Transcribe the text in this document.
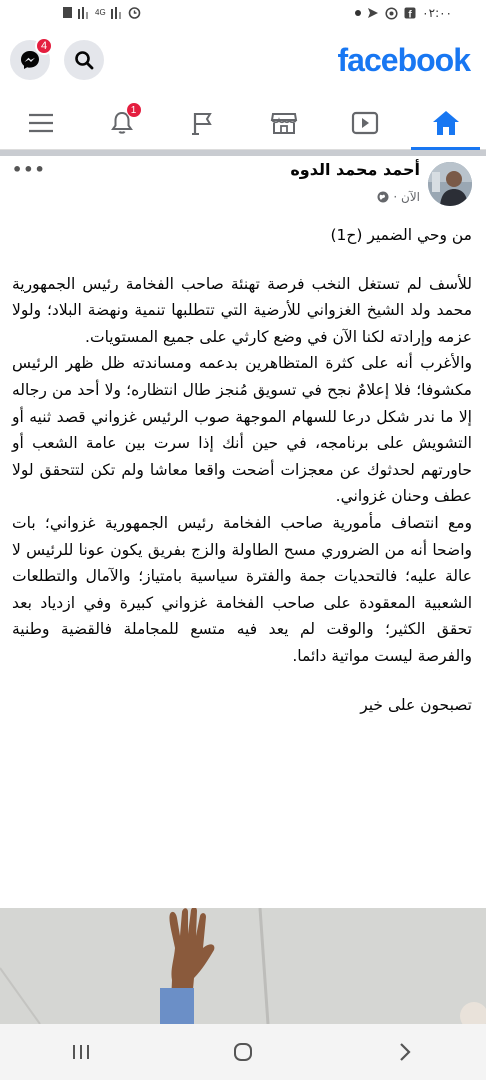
4G	f ٠٢:٠٠
4	facebook
1
أحمد محمد الدوه
الآن ·
•••

من وحي الضمير (ح1)

للأسف لم تستغل النخب فرصة تهنئة صاحب الفخامة رئيس الجمهورية محمد ولد الشيخ الغزواني للأرضية التي تتطلبها تنمية ونهضة البلاد؛ ولولا عزمه وإرادته لكنا الآن في وضع كارثي على جميع المستويات.

والأغرب أنه على كثرة المتظاهرين بدعمه ومساندته ظل ظهر الرئيس مكشوفا؛ فلا إعلامٌ نجح في تسويق مُنجز طال انتظاره؛ ولا أحد من رجاله إلا ما ندر شكل درعا للسهام الموجهة صوب الرئيس غزواني قصد ثنيه أو التشويش على برنامجه، في حين أنك إذا سرت بين عامة الشعب أو حاورتهم لحدثوك عن معجزات أضحت واقعا معاشا ولم تكن لتتحقق لولا عطف وحنان غزواني.

ومع انتصاف مأمورية صاحب الفخامة رئيس الجمهورية غزواني؛ بات واضحا أنه من الضروري مسح الطاولة والزج بفريق يكون عونا للرئيس لا عالة عليه؛ فالتحديات جمة والفترة سياسية بامتياز؛ والآمال والتطلعات الشعبية المعقودة على صاحب الفخامة غزواني كبيرة وفي ازدياد بعد تحقق الكثير؛ والوقت لم يعد فيه متسع للمجاملة فالقضية وطنية والفرصة ليست مواتية دائما.

تصبحون على خير
